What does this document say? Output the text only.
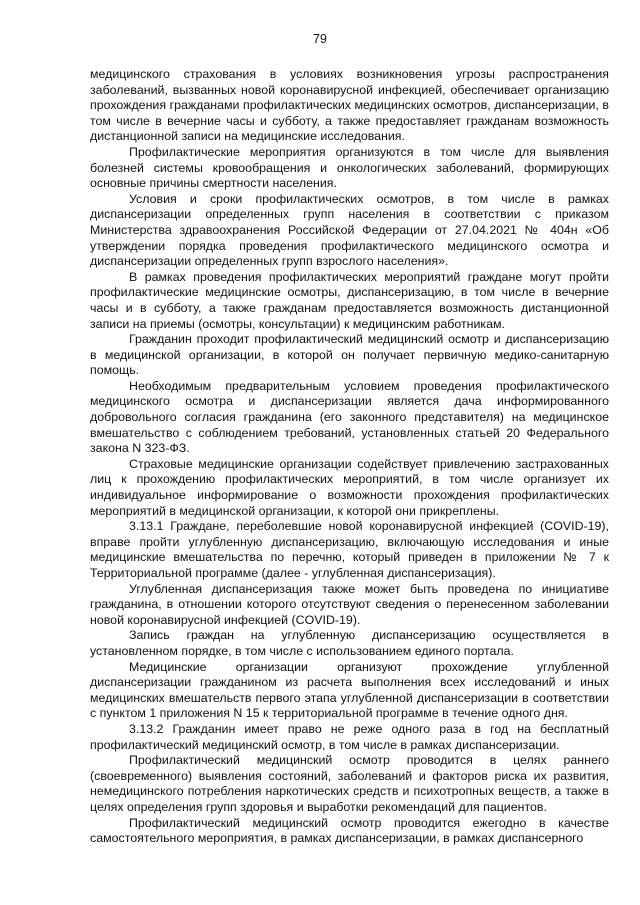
79

медицинского страхования в условиях возникновения угрозы распространения заболеваний, вызванных новой коронавирусной инфекцией, обеспечивает организацию прохождения гражданами профилактических медицинских осмотров, диспансеризации, в том числе в вечерние часы и субботу, а также предоставляет гражданам возможность дистанционной записи на медицинские исследования.

Профилактические мероприятия организуются в том числе для выявления болезней системы кровообращения и онкологических заболеваний, формирующих основные причины смертности населения.

Условия и сроки профилактических осмотров, в том числе в рамках диспансеризации определенных групп населения в соответствии с приказом Министерства здравоохранения Российской Федерации от 27.04.2021 № 404н «Об утверждении порядка проведения профилактического медицинского осмотра и диспансеризации определенных групп взрослого населения».

В рамках проведения профилактических мероприятий граждане могут пройти профилактические медицинские осмотры, диспансеризацию, в том числе в вечерние часы и в субботу, а также гражданам предоставляется возможность дистанционной записи на приемы (осмотры, консультации) к медицинским работникам.

Гражданин проходит профилактический медицинский осмотр и диспансеризацию в медицинской организации, в которой он получает первичную медико-санитарную помощь.

Необходимым предварительным условием проведения профилактического медицинского осмотра и диспансеризации является дача информированного добровольного согласия гражданина (его законного представителя) на медицинское вмешательство с соблюдением требований, установленных статьей 20 Федерального закона N 323-ФЗ.

Страховые медицинские организации содействует привлечению застрахованных лиц к прохождению профилактических мероприятий, в том числе организует их индивидуальное информирование о возможности прохождения профилактических мероприятий в медицинской организации, к которой они прикреплены.

3.13.1 Граждане, переболевшие новой коронавирусной инфекцией (COVID-19), вправе пройти углубленную диспансеризацию, включающую исследования и иные медицинские вмешательства по перечню, который приведен в приложении № 7 к Территориальной программе (далее - углубленная диспансеризация).

Углубленная диспансеризация также может быть проведена по инициативе гражданина, в отношении которого отсутствуют сведения о перенесенном заболевании новой коронавирусной инфекцией (COVID-19).

Запись граждан на углубленную диспансеризацию осуществляется в установленном порядке, в том числе с использованием единого портала.

Медицинские организации организуют прохождение углубленной диспансеризации гражданином из расчета выполнения всех исследований и иных медицинских вмешательств первого этапа углубленной диспансеризации в соответствии с пунктом 1 приложения N 15 к территориальной программе в течение одного дня.

3.13.2 Гражданин имеет право не реже одного раза в год на бесплатный профилактический медицинский осмотр, в том числе в рамках диспансеризации.

Профилактический медицинский осмотр проводится в целях раннего (своевременного) выявления состояний, заболеваний и факторов риска их развития, немедицинского потребления наркотических средств и психотропных веществ, а также в целях определения групп здоровья и выработки рекомендаций для пациентов.

Профилактический медицинский осмотр проводится ежегодно в качестве самостоятельного мероприятия, в рамках диспансеризации, в рамках диспансерного
